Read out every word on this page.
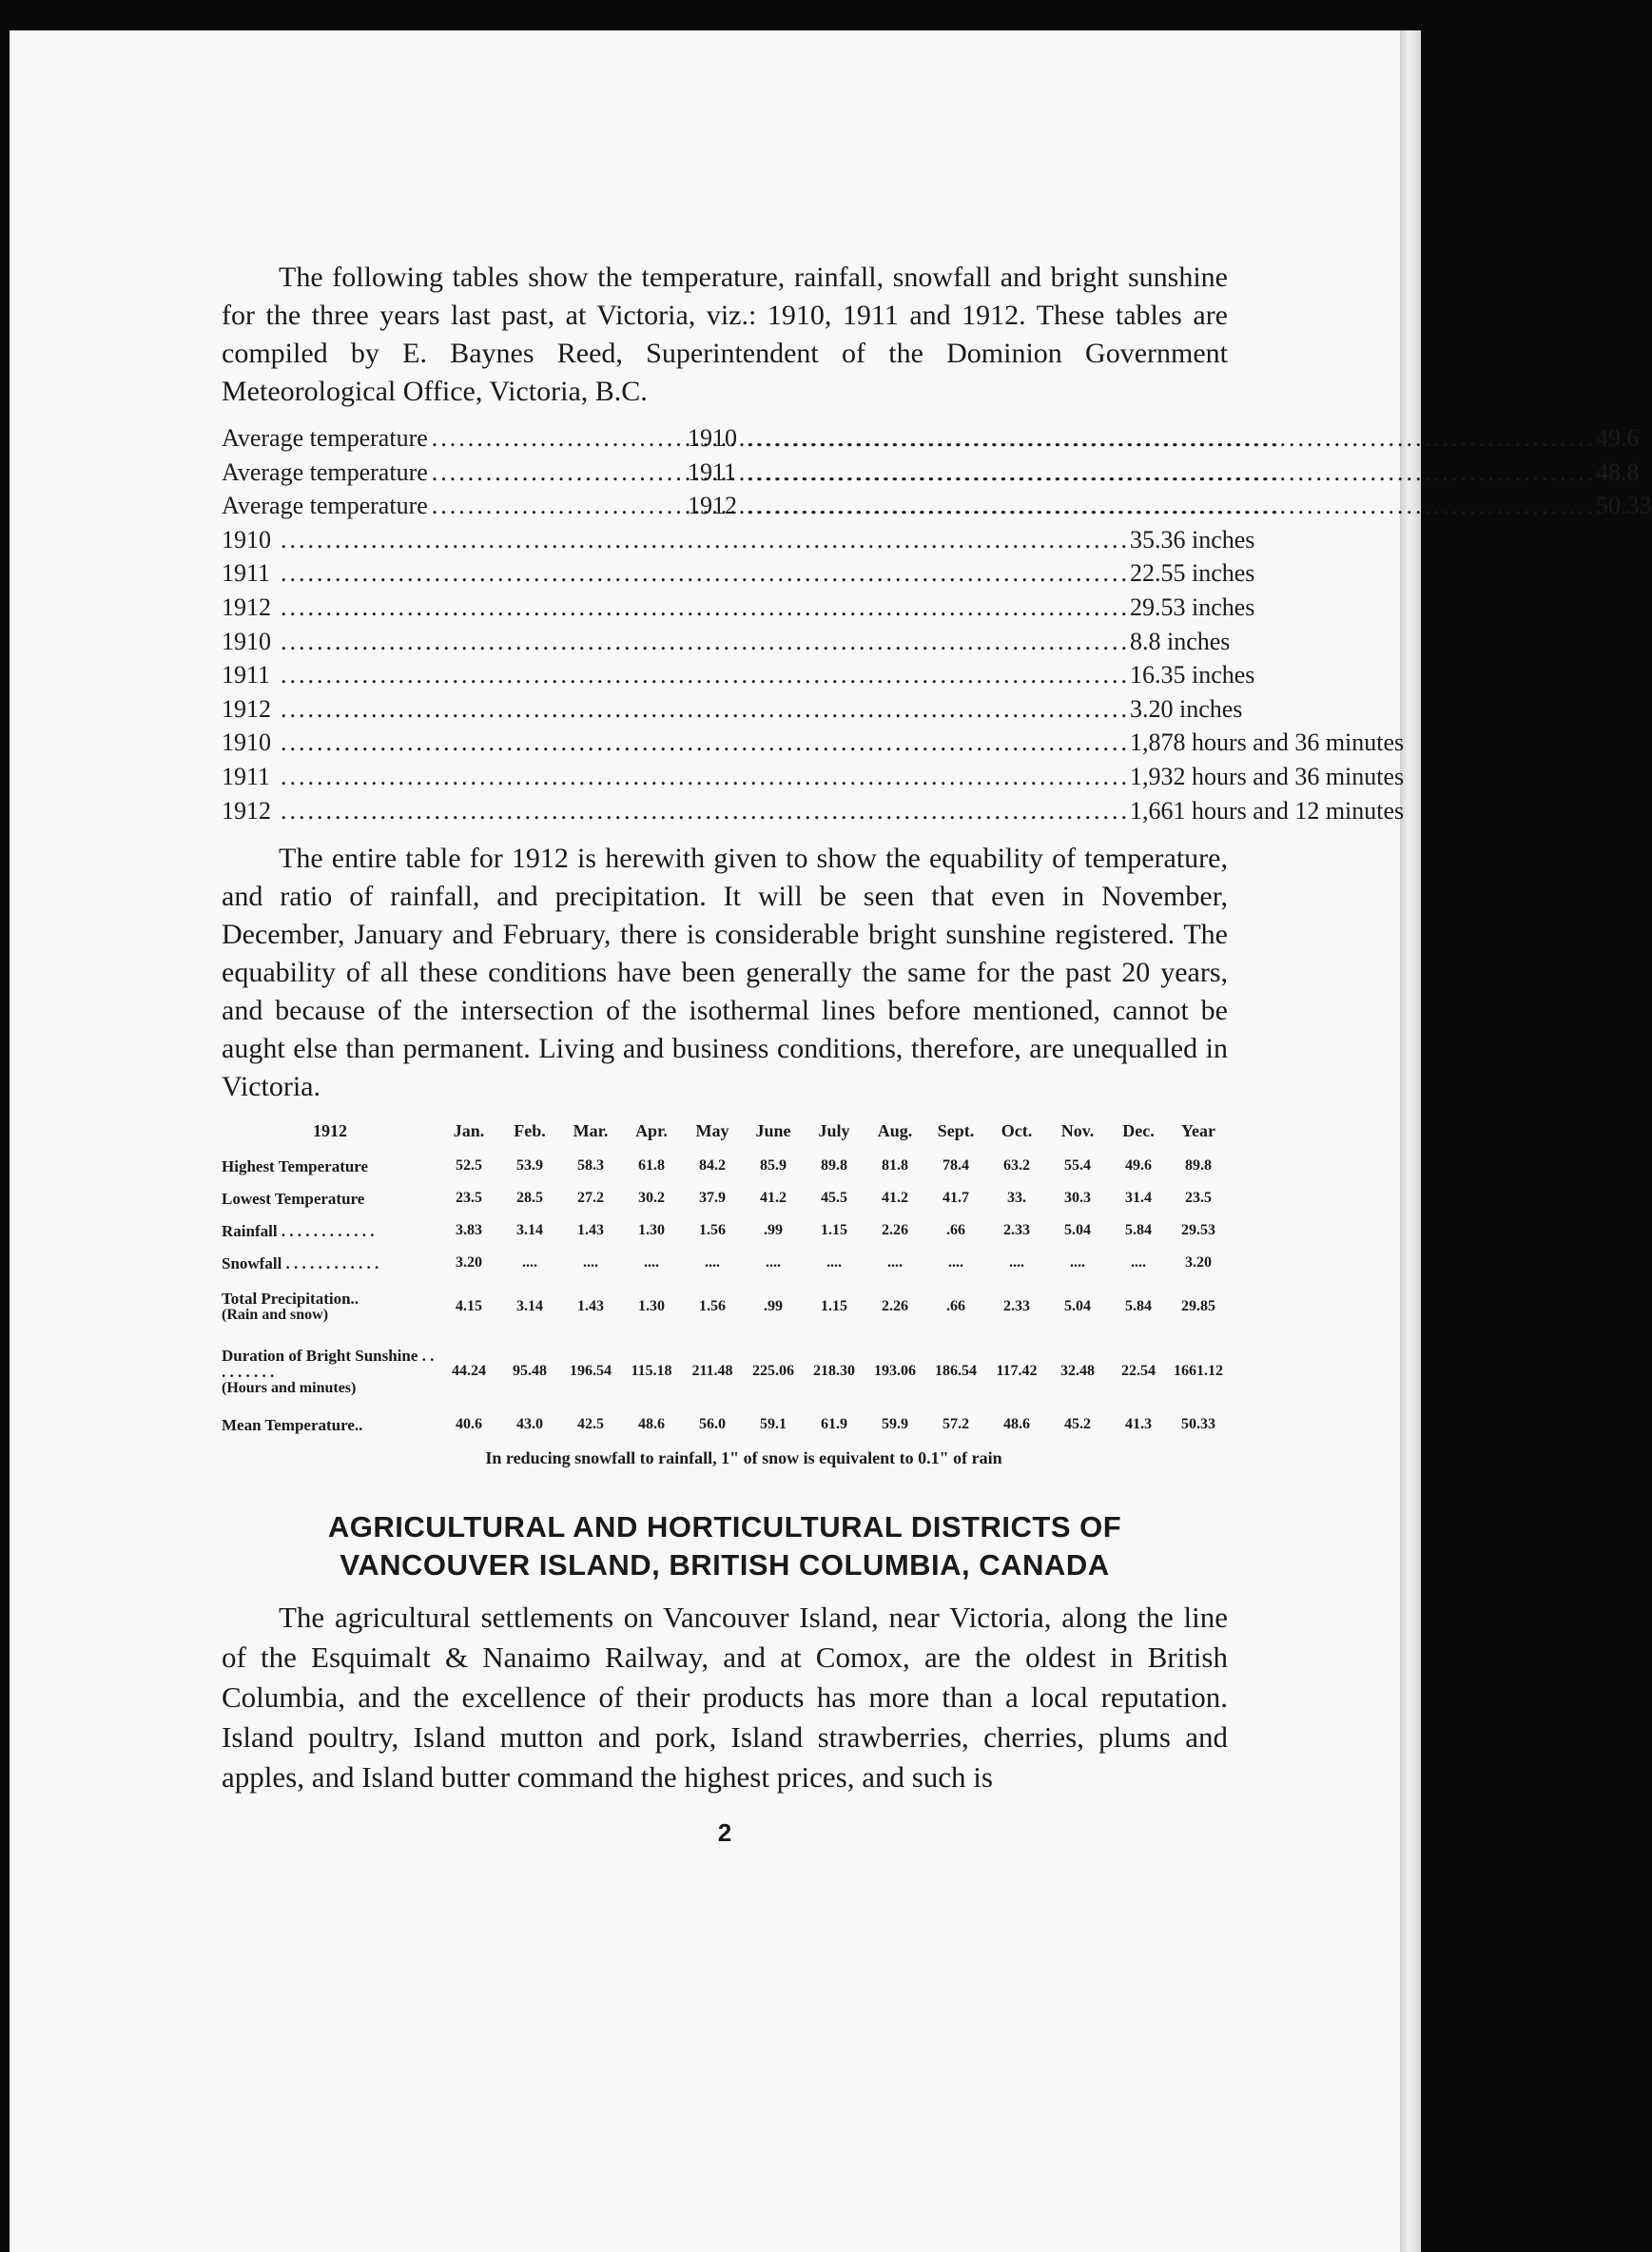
The following tables show the temperature, rainfall, snowfall and bright sunshine for the three years last past, at Victoria, viz.: 1910, 1911 and 1912. These tables are compiled by E. Baynes Reed, Superintendent of the Dominion Government Meteorological Office, Victoria, B.C.

Average temperature .....	1910 .....	49.6
Average temperature .....	1911 .....	48.8
Average temperature .....	1912 .....	50.33
1910 .....	35.36 inches
1911 .....	22.55 inches
1912 .....	29.53 inches
1910 .....	8.8 inches
1911 .....	16.35 inches
1912 .....	3.20 inches
1910 .....	1,878 hours and 36 minutes
1911 .....	1,932 hours and 36 minutes
1912 .....	1,661 hours and 12 minutes

The entire table for 1912 is herewith given to show the equability of temperature, and ratio of rainfall, and precipitation. It will be seen that even in November, December, January and February, there is considerable bright sunshine registered. The equability of all these conditions have been generally the same for the past 20 years, and because of the intersection of the isothermal lines before mentioned, cannot be aught else than permanent. Living and business conditions, therefore, are unequalled in Victoria.

1912	Jan.	Feb.	Mar.	Apr.	May	June	July	Aug.	Sept.	Oct.	Nov.	Dec.	Year
Highest Temperature	52.5	53.9	58.3	61.8	84.2	85.9	89.8	81.8	78.4	63.2	55.4	49.6	89.8
Lowest Temperature	23.5	28.5	27.2	30.2	37.9	41.2	45.5	41.2	41.7	33.	30.3	31.4	23.5
Rainfall . . . . . . . . . . . .	3.83	3.14	1.43	1.30	1.56	.99	1.15	2.26	.66	2.33	5.04	5.84	29.53
Snowfall . . . . . . . . . . . .	3.20	....	....	....	....	....	....	....	....	....	....	....	3.20
Total Precipitation..
(Rain and snow)	4.15	3.14	1.43	1.30	1.56	.99	1.15	2.26	.66	2.33	5.04	5.84	29.85
Duration of Bright Sunshine . . . . . . . . .
(Hours and minutes)	44.24	95.48	196.54	115.18	211.48	225.06	218.30	193.06	186.54	117.42	32.48	22.54	1661.12
Mean Temperature..	40.6	43.0	42.5	48.6	56.0	59.1	61.9	59.9	57.2	48.6	45.2	41.3	50.33

In reducing snowfall to rainfall, 1" of snow is equivalent to 0.1" of rain

AGRICULTURAL AND HORTICULTURAL DISTRICTS OF
VANCOUVER ISLAND, BRITISH COLUMBIA, CANADA

The agricultural settlements on Vancouver Island, near Victoria, along the line of the Esquimalt & Nanaimo Railway, and at Comox, are the oldest in British Columbia, and the excellence of their products has more than a local reputation. Island poultry, Island mutton and pork, Island strawberries, cherries, plums and apples, and Island butter command the highest prices, and such is

2
